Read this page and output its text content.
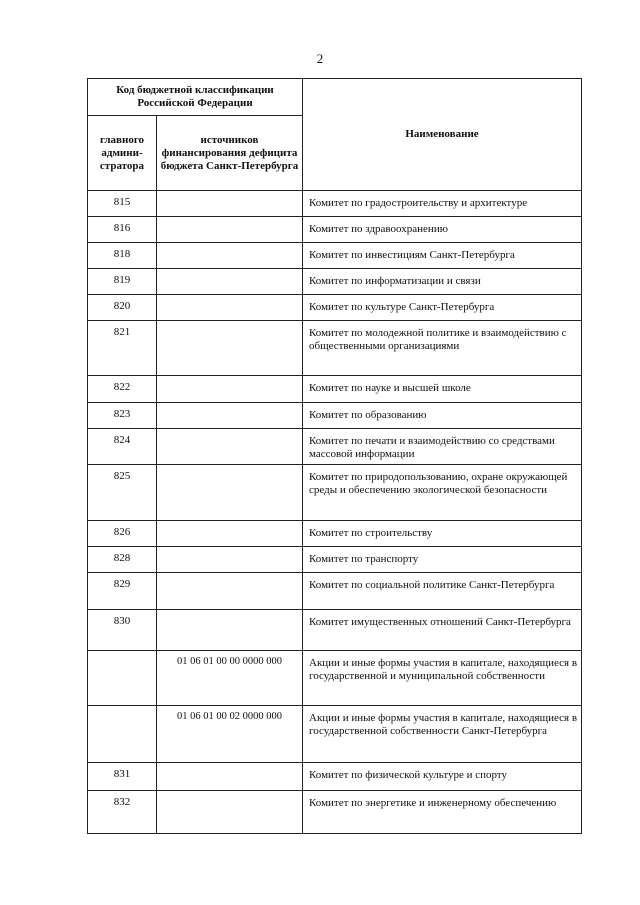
2
Код бюджетной классификации Российской Федерации		Наименование
главного админи-стратора	источников финансирования дефицита бюджета Санкт-Петербурга	
815		Комитет по градостроительству и архитектуре
816		Комитет по здравоохранению
818		Комитет по инвестициям Санкт-Петербурга
819		Комитет по информатизации и связи
820		Комитет по культуре Санкт-Петербурга
821		Комитет по молодежной политике и взаимодействию с общественными организациями
822		Комитет по науке и высшей школе
823		Комитет по образованию
824		Комитет по печати и взаимодействию со средствами массовой информации
825		Комитет по природопользованию, охране окружающей среды и обеспечению экологической безопасности
826		Комитет по строительству
828		Комитет по транспорту
829		Комитет по социальной политике Санкт-Петербурга
830		Комитет имущественных отношений Санкт-Петербурга
	01 06 01 00 00 0000 000	Акции и иные формы участия в капитале, находящиеся в государственной и муниципальной собственности
	01 06 01 00 02 0000 000	Акции и иные формы участия в капитале, находящиеся в государственной собственности Санкт-Петербурга
831		Комитет по физической культуре и спорту
832		Комитет по энергетике и инженерному обеспечению
